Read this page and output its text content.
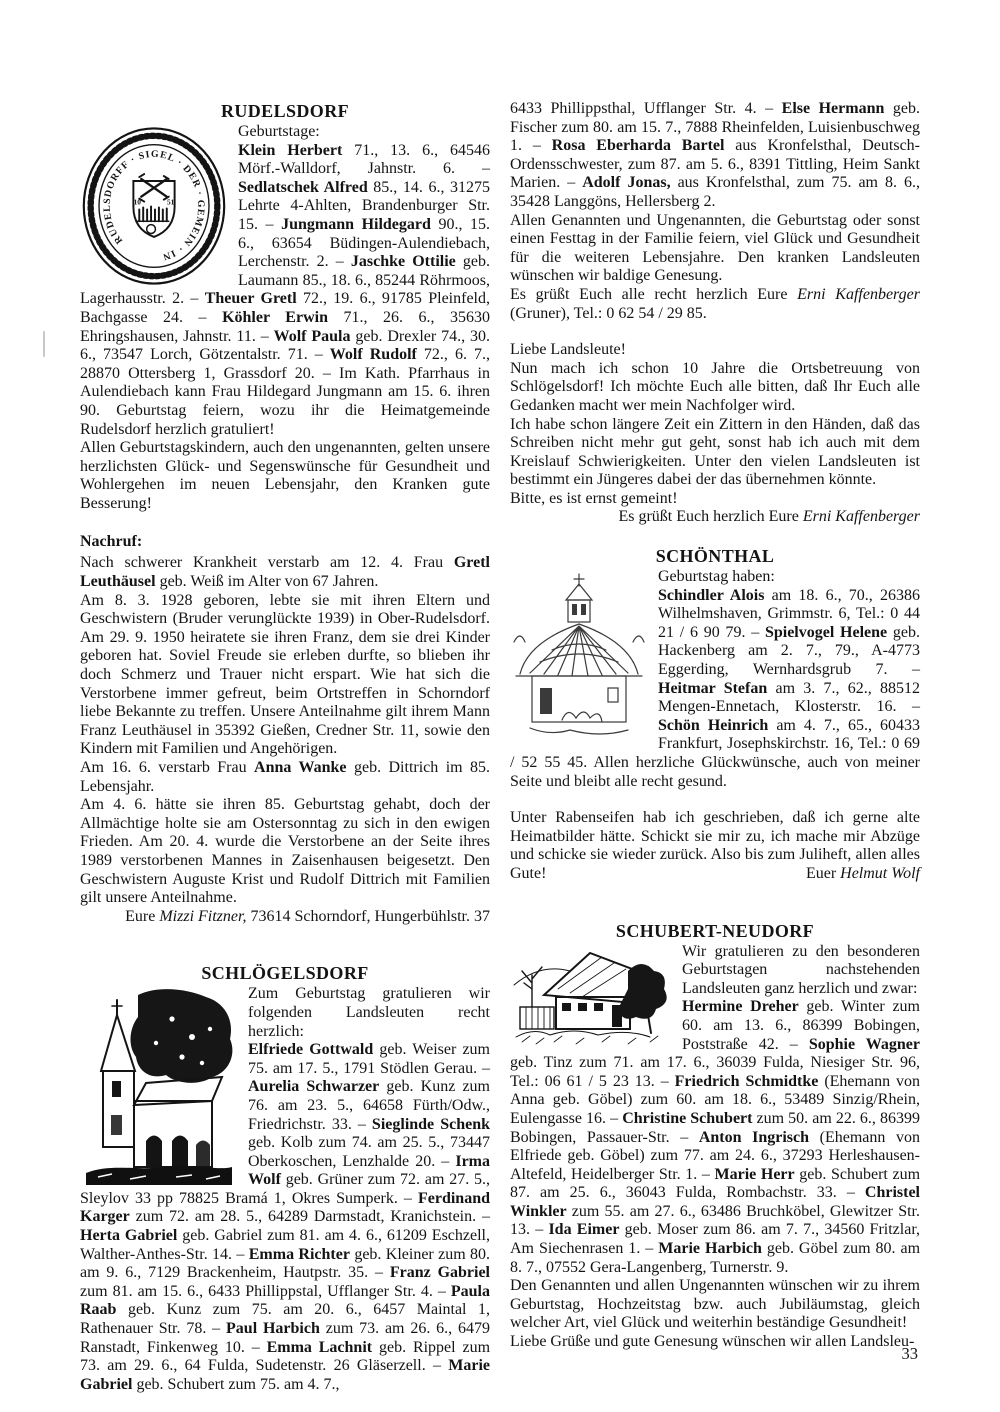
RUDELSDORF
RUDELSDORFF · SIGEL · DER · GEMEIN · IN
10	51

Geburtstage:

Klein Herbert 71., 13. 6., 64546 Mörf.-Walldorf, Jahnstr. 6. – Sedlatschek Alfred 85., 14. 6., 31275 Lehrte 4-Ahlten, Brandenburger Str. 15. – Jungmann Hildegard 90., 15. 6., 63654 Büdingen-Aulendiebach, Lerchenstr. 2. – Jaschke Ottilie geb. Laumann 85., 18. 6., 85244 Röhrmoos, Lagerhausstr. 2. – Theuer Gretl 72., 19. 6., 91785 Pleinfeld, Bachgasse 24. – Köhler Erwin 71., 26. 6., 35630 Ehringshausen, Jahnstr. 11. – Wolf Paula geb. Drexler 74., 30. 6., 73547 Lorch, Götzentalstr. 71. – Wolf Rudolf 72., 6. 7., 28870 Ottersberg 1, Grassdorf 20. – Im Kath. Pfarrhaus in Aulendiebach kann Frau Hildegard Jungmann am 15. 6. ihren 90. Geburtstag feiern, wozu ihr die Heimatgemeinde Rudelsdorf herzlich gratuliert!

Allen Geburtstagskindern, auch den ungenannten, gelten unsere herzlichsten Glück- und Segenswünsche für Gesundheit und Wohlergehen im neuen Lebensjahr, den Kranken gute Besserung!

Nachruf:

Nach schwerer Krankheit verstarb am 12. 4. Frau Gretl Leuthäusel geb. Weiß im Alter von 67 Jahren.

Am 8. 3. 1928 geboren, lebte sie mit ihren Eltern und Geschwistern (Bruder verunglückte 1939) in Ober-Rudelsdorf. Am 29. 9. 1950 heiratete sie ihren Franz, dem sie drei Kinder geboren hat. Soviel Freude sie erleben durfte, so blieben ihr doch Schmerz und Trauer nicht erspart. Wie hat sich die Verstorbene immer gefreut, beim Ortstreffen in Schorndorf liebe Bekannte zu treffen. Unsere Anteilnahme gilt ihrem Mann Franz Leuthäusel in 35392 Gießen, Credner Str. 11, sowie den Kindern mit Familien und Angehörigen.

Am 16. 6. verstarb Frau Anna Wanke geb. Dittrich im 85. Lebensjahr.

Am 4. 6. hätte sie ihren 85. Geburtstag gehabt, doch der Allmächtige holte sie am Ostersonntag zu sich in den ewigen Frieden. Am 20. 4. wurde die Verstorbene an der Seite ihres 1989 verstorbenen Mannes in Zaisenhausen beigesetzt. Den Geschwistern Auguste Krist und Rudolf Dittrich mit Familien gilt unsere Anteilnahme.

Eure Mizzi Fitzner, 73614 Schorndorf, Hungerbühlstr. 37

SCHLÖGELSDORF

Zum Geburtstag gratulieren wir folgenden Landsleuten recht herzlich:

Elfriede Gottwald geb. Weiser zum 75. am 17. 5., 1791 Stödlen Gerau. – Aurelia Schwarzer geb. Kunz zum 76. am 23. 5., 64658 Fürth/Odw., Friedrichstr. 33. – Sieglinde Schenk geb. Kolb zum 74. am 25. 5., 73447 Oberkoschen, Lenzhalde 20. – Irma Wolf geb. Grüner zum 72. am 27. 5., Sleylov 33 pp 78825 Bramá 1, Okres Sumperk. – Ferdinand Karger zum 72. am 28. 5., 64289 Darmstadt, Kranichstein. – Herta Gabriel geb. Gabriel zum 81. am 4. 6., 61209 Eschzell, Walther-Anthes-Str. 14. – Emma Richter geb. Kleiner zum 80. am 9. 6., 7129 Brackenheim, Hautpstr. 35. – Franz Gabriel zum 81. am 15. 6., 6433 Phillippstal, Ufflanger Str. 4. – Paula Raab geb. Kunz zum 75. am 20. 6., 6457 Maintal 1, Rathenauer Str. 78. – Paul Harbich zum 73. am 26. 6., 6479 Ranstadt, Finkenweg 10. – Emma Lachnit geb. Rippel zum 73. am 29. 6., 64 Fulda, Sudetenstr. 26 Gläserzell. – Marie Gabriel geb. Schubert zum 75. am 4. 7.,

6433 Phillippsthal, Ufflanger Str. 4. – Else Hermann geb. Fischer zum 80. am 15. 7., 7888 Rheinfelden, Luisienbuschweg 1. – Rosa Eberharda Bartel aus Kronfelsthal, Deutsch-Ordensschwester, zum 87. am 5. 6., 8391 Tittling, Heim Sankt Marien. – Adolf Jonas, aus Kronfelsthal, zum 75. am 8. 6., 35428 Langgöns, Hellersberg 2.

Allen Genannten und Ungenannten, die Geburtstag oder sonst einen Festtag in der Familie feiern, viel Glück und Gesundheit für die weiteren Lebensjahre. Den kranken Landsleuten wünschen wir baldige Genesung.

Es grüßt Euch alle recht herzlich Eure Erni Kaffenberger (Gruner), Tel.: 0 62 54 / 29 85.

Liebe Landsleute!

Nun mach ich schon 10 Jahre die Ortsbetreuung von Schlögelsdorf! Ich möchte Euch alle bitten, daß Ihr Euch alle Gedanken macht wer mein Nachfolger wird.

Ich habe schon längere Zeit ein Zittern in den Händen, daß das Schreiben nicht mehr gut geht, sonst hab ich auch mit dem Kreislauf Schwierigkeiten. Unter den vielen Landsleuten ist bestimmt ein Jüngeres dabei der das übernehmen könnte.

Bitte, es ist ernst gemeint!

Es grüßt Euch herzlich Eure Erni Kaffenberger

SCHÖNTHAL

Geburtstag haben:

Schindler Alois am 18. 6., 70., 26386 Wilhelmshaven, Grimmstr. 6, Tel.: 0 44 21 / 6 90 79. – Spielvogel Helene geb. Hackenberg am 2. 7., 79., A-4773 Eggerding, Wernhardsgrub 7. – Heitmar Stefan am 3. 7., 62., 88512 Mengen-Ennetach, Klosterstr. 16. – Schön Heinrich am 4. 7., 65., 60433 Frankfurt, Josephskirchstr. 16, Tel.: 0 69 / 52 55 45. Allen herzliche Glückwünsche, auch von meiner Seite und bleibt alle recht gesund.

Unter Rabenseifen hab ich geschrieben, daß ich gerne alte Heimatbilder hätte. Schickt sie mir zu, ich mache mir Abzüge und schicke sie wieder zurück. Also bis zum Juliheft, allen alles Gute!	Euer Helmut Wolf

SCHUBERT-NEUDORF

Wir gratulieren zu den besonderen Geburtstagen nachstehenden Landsleuten ganz herzlich und zwar:

Hermine Dreher geb. Winter zum 60. am 13. 6., 86399 Bobingen, Poststraße 42. – Sophie Wagner geb. Tinz zum 71. am 17. 6., 36039 Fulda, Niesiger Str. 96, Tel.: 06 61 / 5 23 13. – Friedrich Schmidtke (Ehemann von Anna geb. Göbel) zum 60. am 18. 6., 53489 Sinzig/Rhein, Eulengasse 16. – Christine Schubert zum 50. am 22. 6., 86399 Bobingen, Passauer-Str. – Anton Ingrisch (Ehemann von Elfriede geb. Göbel) zum 77. am 24. 6., 37293 Herleshausen-Altefeld, Heidelberger Str. 1. – Marie Herr geb. Schubert zum 87. am 25. 6., 36043 Fulda, Rombachstr. 33. – Christel Winkler zum 55. am 27. 6., 63486 Bruchköbel, Glewitzer Str. 13. – Ida Eimer geb. Moser zum 86. am 7. 7., 34560 Fritzlar, Am Siechenrasen 1. – Marie Harbich geb. Göbel zum 80. am 8. 7., 07552 Gera-Langenberg, Turnerstr. 9.

Den Genannten und allen Ungenannten wünschen wir zu ihrem Geburtstag, Hochzeitstag bzw. auch Jubiläumstag, gleich welcher Art, viel Glück und weiterhin beständige Gesundheit!

Liebe Grüße und gute Genesung wünschen wir allen Landsleu-

33
